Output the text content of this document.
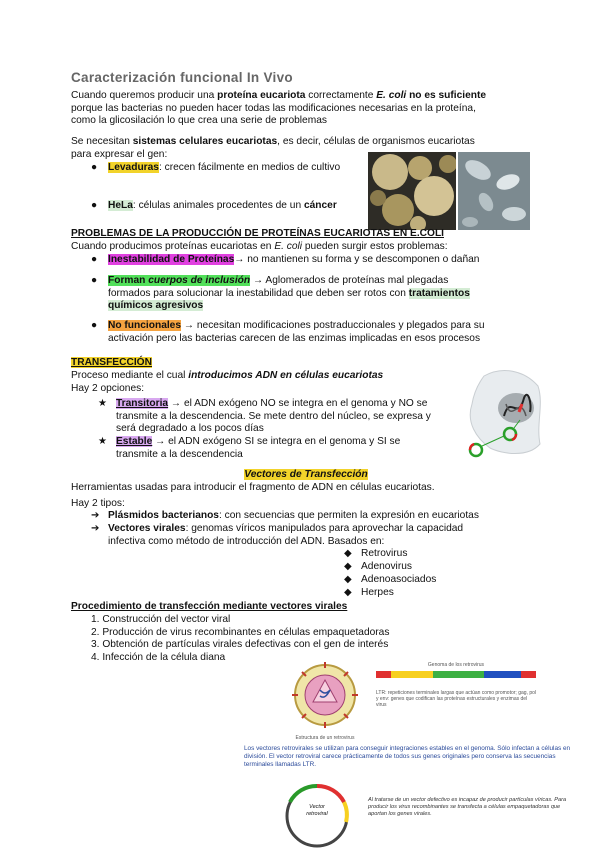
Caracterización funcional In Vivo
Cuando queremos producir una proteína eucariota correctamente E. coli no es suficiente
porque las bacterias no pueden hacer todas las modificaciones necesarias en la proteína,
como la glicosilación lo que crea una serie de problemas
Se necesitan sistemas celulares eucariotas, es decir, células de organismos eucariotas
para expresar el gen:
● Levaduras: crecen fácilmente en medios de cultivo
● HeLa: células animales procedentes de un cáncer
PROBLEMAS DE LA PRODUCCIÓN DE PROTEÍNAS EUCARIOTAS EN E.COLI
Cuando producimos proteínas eucariotas en E. coli pueden surgir estos problemas:
● Inestabilidad de Proteínas→ no mantienen su forma y se descomponen o dañan
● Forman cuerpos de inclusión → Aglomerados de proteínas mal plegadas
formados para solucionar la inestabilidad que deben ser rotos con tratamientos
químicos agresivos
● No funcionales → necesitan modificaciones postraduccionales y plegados para su
activación pero las bacterias carecen de las enzimas implicadas en esos procesos
TRANSFECCIÓN
Proceso mediante el cual introducimos ADN en células eucariotas
Hay 2 opciones:
★ Transitoria → el ADN exógeno NO se integra en el genoma y NO se
transmite a la descendencia. Se mete dentro del núcleo, se expresa y
será degradado a los pocos días
★ Estable → el ADN exógeno SI se integra en el genoma y SI se
transmite a la descendencia
Vectores de Transfección
Herramientas usadas para introducir el fragmento de ADN en células eucariotas.
Hay 2 tipos:
➔ Plásmidos bacterianos: con secuencias que permiten la expresión en eucariotas
➔ Vectores virales: genomas víricos manipulados para aprovechar la capacidad
infectiva como método de introducción del ADN. Basados en:
◆ Retrovirus
◆ Adenovirus
◆ Adenoasociados
◆ Herpes
Procedimiento de transfección mediante vectores virales
1. Construcción del vector viral
2. Producción de virus recombinantes en células empaquetadoras
3. Obtención de partículas virales defectivas con el gen de interés
4. Infección de la célula diana
Estructura de un retrovirus
Genoma de los retrovirus
LTR: repeticiones terminales largas que actúan como promotor; gag, pol y env: genes que codifican las proteínas estructurales y enzimas del virus
Los vectores retrovirales se utilizan para conseguir integraciones estables en el genoma. Sólo infectan a células en división. El vector retroviral carece prácticamente de todos sus genes originales pero conserva las secuencias terminales llamadas LTR.
Vector retroviral
Al tratarse de un vector defectivo es incapaz de producir partículas víricas. Para producir los virus recombinantes se transfecta a células empaquetadoras que aportan los genes virales.
